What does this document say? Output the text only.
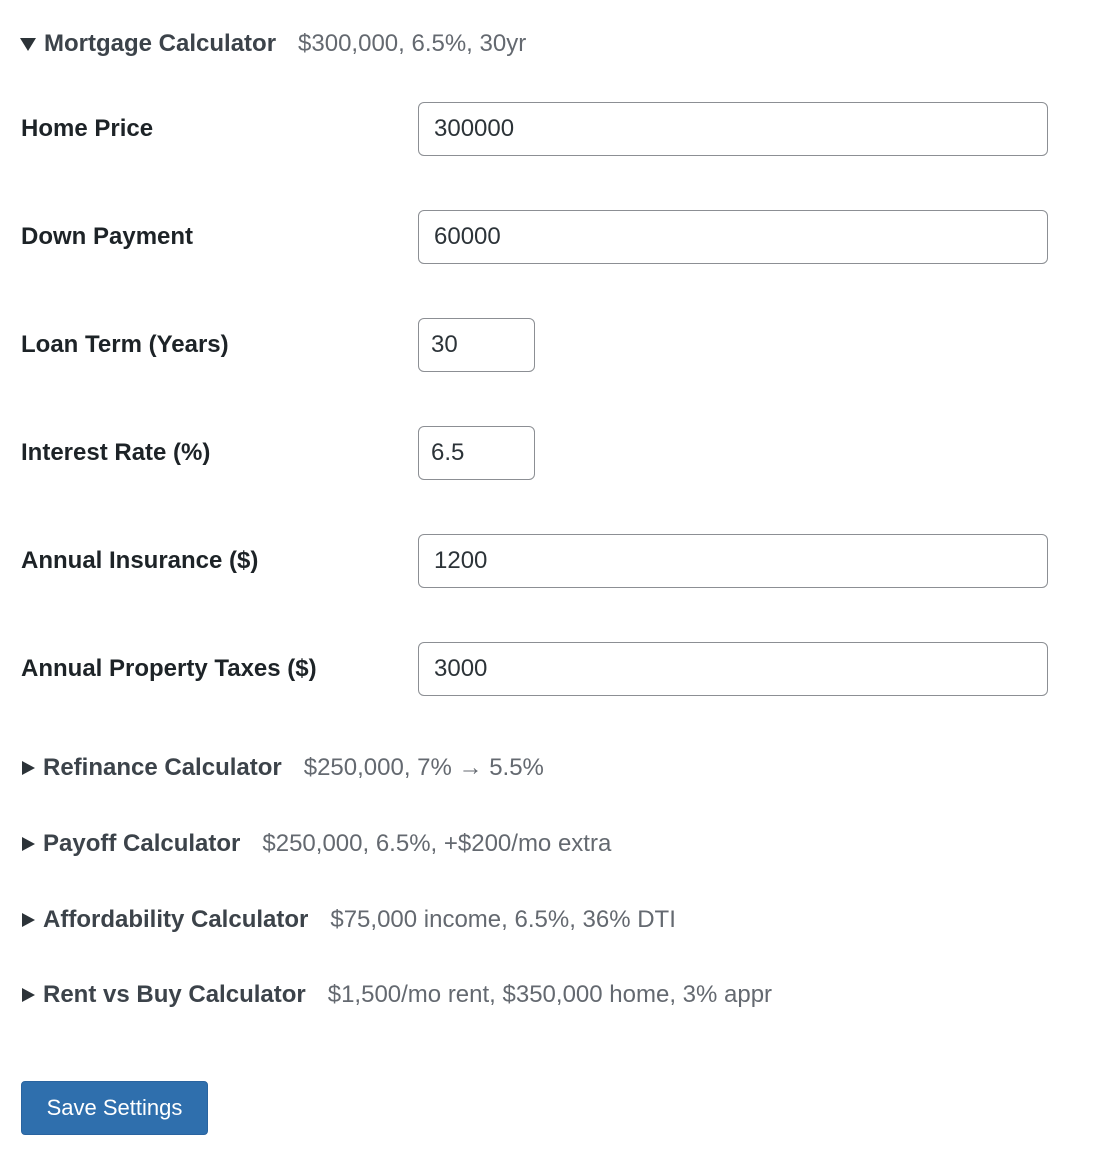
Mortgage Calculator $300,000, 6.5%, 30yr
Home Price
300000
Down Payment
60000
Loan Term (Years)
30
Interest Rate (%)
6.5
Annual Insurance ($)
1200
Annual Property Taxes ($)
3000
Refinance Calculator $250,000, 7% → 5.5%
Payoff Calculator $250,000, 6.5%, +$200/mo extra
Affordability Calculator $75,000 income, 6.5%, 36% DTI
Rent vs Buy Calculator $1,500/mo rent, $350,000 home, 3% appr
Save Settings
